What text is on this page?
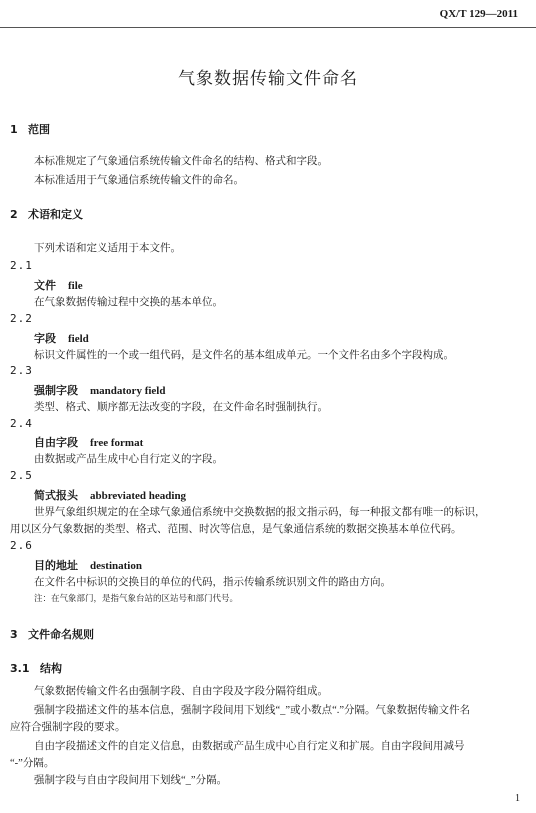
QX/T 129—2011
气象数据传输文件命名
1 范围
本标准规定了气象通信系统传输文件命名的结构、格式和字段。
本标准适用于气象通信系统传输文件的命名。
2 术语和定义
下列术语和定义适用于本文件。
2.1
文件 file
在气象数据传输过程中交换的基本单位。
2.2
字段 field
标识文件属性的一个或一组代码，是文件名的基本组成单元。一个文件名由多个字段构成。
2.3
强制字段 mandatory field
类型、格式、顺序都无法改变的字段，在文件命名时强制执行。
2.4
自由字段 free format
由数据或产品生成中心自行定义的字段。
2.5
简式报头 abbreviated heading
世界气象组织规定的在全球气象通信系统中交换数据的报文指示码，每一种报文都有唯一的标识，
用以区分气象数据的类型、格式、范围、时次等信息，是气象通信系统的数据交换基本单位代码。
2.6
目的地址 destination
在文件名中标识的交换目的单位的代码，指示传输系统识别文件的路由方向。
注：在气象部门，是指气象台站的区站号和部门代号。
3 文件命名规则
3.1 结构
气象数据传输文件名由强制字段、自由字段及字段分隔符组成。
强制字段描述文件的基本信息，强制字段间用下划线“_”或小数点“.”分隔。气象数据传输文件名
应符合强制字段的要求。
自由字段描述文件的自定义信息，由数据或产品生成中心自行定义和扩展。自由字段间用减号
“-”分隔。
强制字段与自由字段间用下划线“_”分隔。
1
